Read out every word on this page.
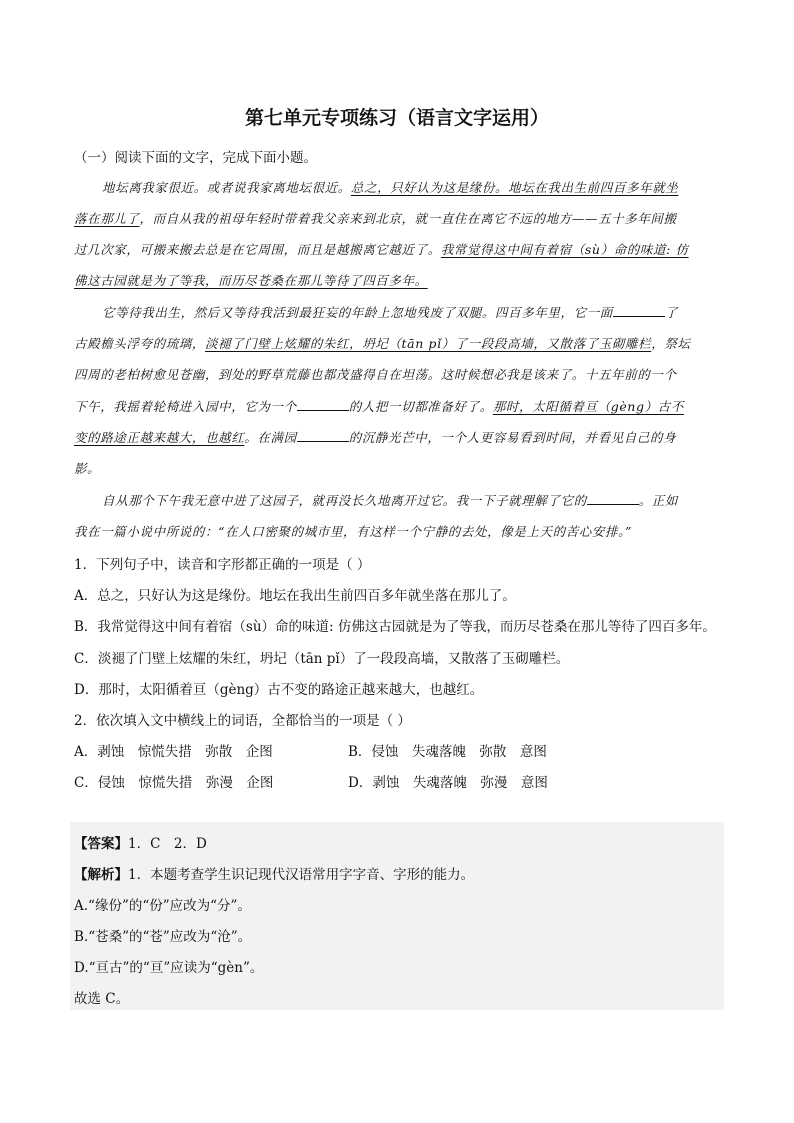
第七单元专项练习（语言文字运用）
（一）阅读下面的文字，完成下面小题。
地坛离我家很近。或者说我家离地坛很近。总之，只好认为这是缘份。地坛在我出生前四百多年就坐
落在那儿了，而自从我的祖母年轻时带着我父亲来到北京，就一直住在离它不远的地方——五十多年间搬
过几次家，可搬来搬去总是在它周围，而且是越搬离它越近了。我常觉得这中间有着宿（sù）命的味道: 仿
佛这古园就是为了等我，而历尽苍桑在那儿等待了四百多年。
它等待我出生，然后又等待我活到最狂妄的年龄上忽地残废了双腿。四百多年里，它一面	了
古殿檐头浮夸的琉璃，淡褪了门壁上炫耀的朱红，坍圮（tān pǐ）了一段段高墙，又散落了玉砌雕栏，祭坛
四周的老柏树愈见苍幽，到处的野草荒藤也都茂盛得自在坦荡。这时候想必我是该来了。十五年前的一个
下午，我摇着轮椅进入园中，它为一个	的人把一切都准备好了。那时，太阳循着亘（gèng）古不
变的路途正越来越大，也越红。在满园	的沉静光芒中，一个人更容易看到时间，并看见自己的身
影。
自从那个下午我无意中进了这园子，就再没长久地离开过它。我一下子就理解了它的	。正如
我在一篇小说中所说的：“在人口密聚的城市里，有这样一个宁静的去处，像是上天的苦心安排。”
1．下列句子中，读音和字形都正确的一项是（ ）
A．总之，只好认为这是缘份。地坛在我出生前四百多年就坐落在那儿了。
B．我常觉得这中间有着宿（sù）命的味道: 仿佛这古园就是为了等我，而历尽苍桑在那儿等待了四百多年。
C．淡褪了门壁上炫耀的朱红，坍圮（tān pǐ）了一段段高墙，又散落了玉砌雕栏。
D．那时，太阳循着亘（gèng）古不变的路途正越来越大，也越红。
2．依次填入文中横线上的词语，全都恰当的一项是（ ）
A．剥蚀　惊慌失措　弥散　企图	B．侵蚀　失魂落魄　弥散　意图
C．侵蚀　惊慌失措　弥漫　企图	D．剥蚀　失魂落魄　弥漫　意图
【答案】1．C　2．D
【解析】1．本题考查学生识记现代汉语常用字字音、字形的能力。
A.“缘份”的“份”应改为“分”。
B.“苍桑”的“苍”应改为“沧”。
D.“亘古”的“亘”应读为“gèn”。
故选 C。
